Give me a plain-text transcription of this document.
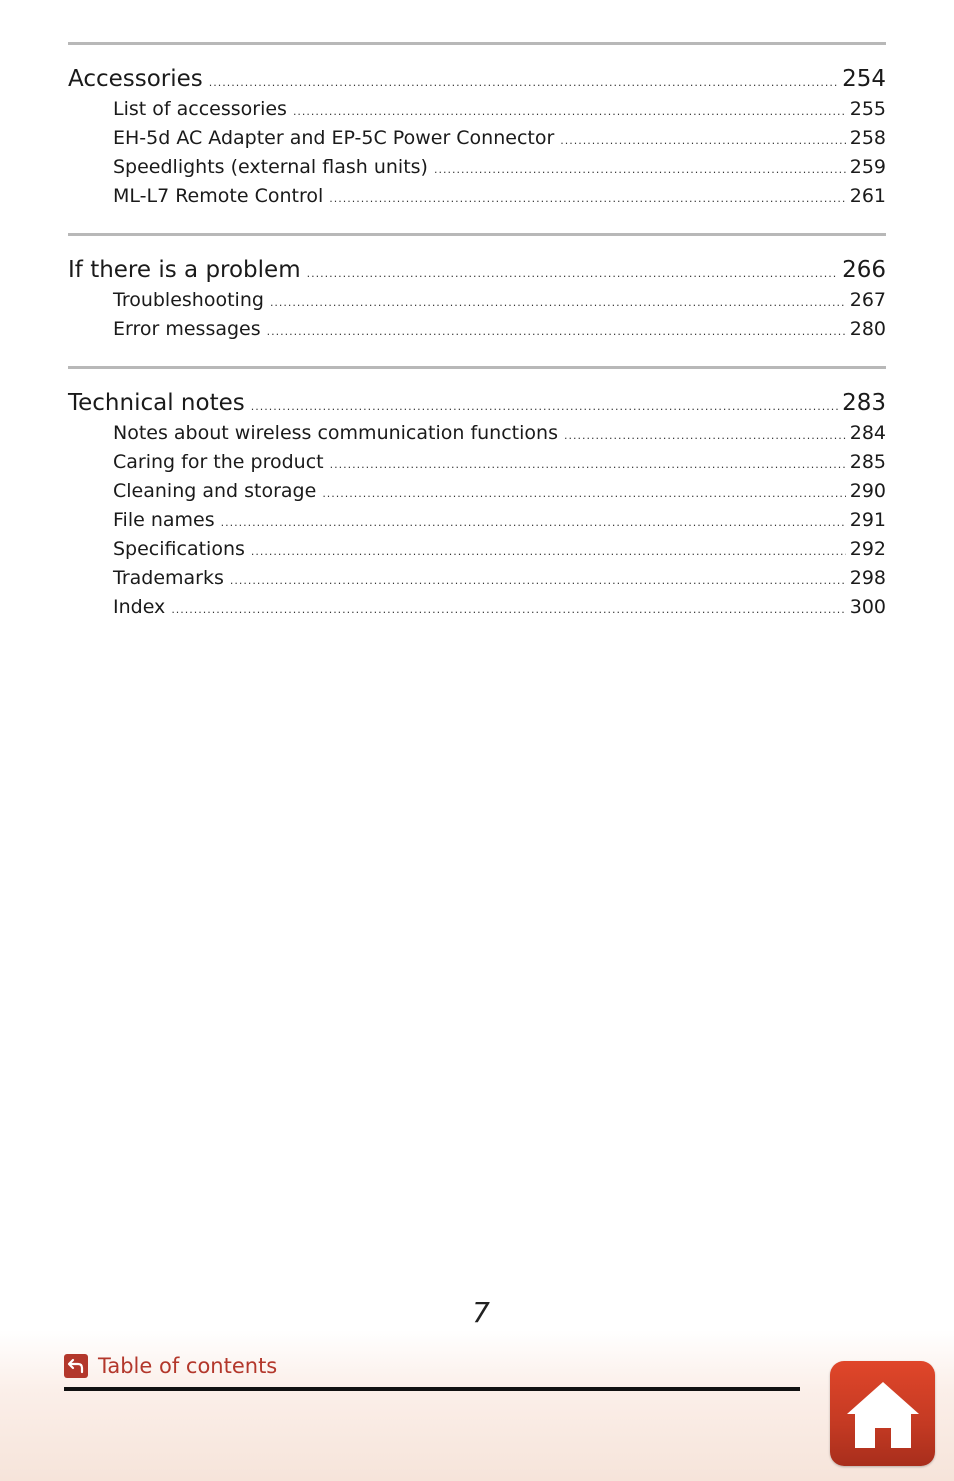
Accessories .....	254
List of accessories .....	255
EH-5d AC Adapter and EP-5C Power Connector .....	258
Speedlights (external flash units) .....	259
ML-L7 Remote Control .....	261
If there is a problem .....	266
Troubleshooting .....	267
Error messages .....	280
Technical notes .....	283
Notes about wireless communication functions .....	284
Caring for the product .....	285
Cleaning and storage .....	290
File names .....	291
Specifications .....	292
Trademarks .....	298
Index .....	300
7
Table of contents
